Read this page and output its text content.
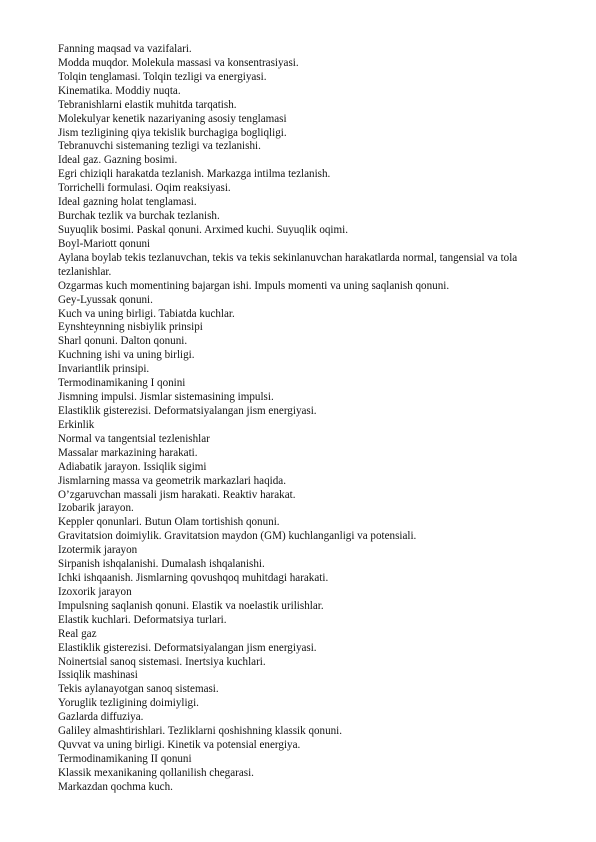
Fanning maqsad va vazifalari.
Modda muqdor. Molekula massasi va konsentrasiyasi.
Tolqin tenglamasi. Tolqin tezligi va energiyasi.
Kinematika. Moddiy nuqta.
Tebranishlarni elastik muhitda tarqatish.
Molekulyar kenetik nazariyaning asosiy tenglamasi
Jism tezligining qiya tekislik burchagiga bogliqligi.
Tebranuvchi sistemaning tezligi va tezlanishi.
Ideal gaz. Gazning bosimi.
Egri chiziqli harakatda tezlanish. Markazga intilma tezlanish.
Torrichelli formulasi. Oqim reaksiyasi.
Ideal gazning holat tenglamasi.
Burchak tezlik va burchak tezlanish.
Suyuqlik bosimi. Paskal qonuni. Arximed kuchi. Suyuqlik oqimi.
Boyl-Mariott qonuni
Aylana boylab tekis tezlanuvchan, tekis va tekis sekinlanuvchan harakatlarda normal, tangensial va tola tezlanishlar.
Ozgarmas kuch momentining bajargan ishi. Impuls momenti va uning saqlanish qonuni.
Gey-Lyussak qonuni.
Kuch va uning birligi. Tabiatda kuchlar.
Eynshteynning nisbiylik prinsipi
Sharl qonuni. Dalton qonuni.
Kuchning ishi va uning birligi.
Invariantlik prinsipi.
Termodinamikaning I qonini
Jismning impulsi. Jismlar sistemasining impulsi.
Elastiklik gisterezisi. Deformatsiyalangan jism energiyasi.
Erkinlik
Normal va tangentsial tezlenishlar
Massalar markazining harakati.
Adiabatik jarayon. Issiqlik sigimi
Jismlarning massa va geometrik markazlari haqida.
O’zgaruvchan massali jism harakati. Reaktiv harakat.
Izobarik jarayon.
Keppler qonunlari. Butun Olam tortishish qonuni.
Gravitatsion doimiylik. Gravitatsion maydon (GM) kuchlanganligi va potensiali.
Izotermik jarayon
Sirpanish ishqalanishi. Dumalash ishqalanishi.
Ichki ishqaanish. Jismlarning qovushqoq muhitdagi harakati.
Izoxorik jarayon
Impulsning saqlanish qonuni. Elastik va noelastik urilishlar.
Elastik kuchlari. Deformatsiya turlari.
Real gaz
Elastiklik gisterezisi. Deformatsiyalangan jism energiyasi.
Noinertsial sanoq sistemasi. Inertsiya kuchlari.
Issiqlik mashinasi
Tekis aylanayotgan sanoq sistemasi.
Yoruglik tezligining doimiyligi.
Gazlarda diffuziya.
Galiley almashtirishlari. Tezliklarni qoshishning klassik qonuni.
Quvvat va uning birligi. Kinetik va potensial energiya.
Termodinamikaning II qonuni
Klassik mexanikaning qollanilish chegarasi.
Markazdan qochma kuch.
